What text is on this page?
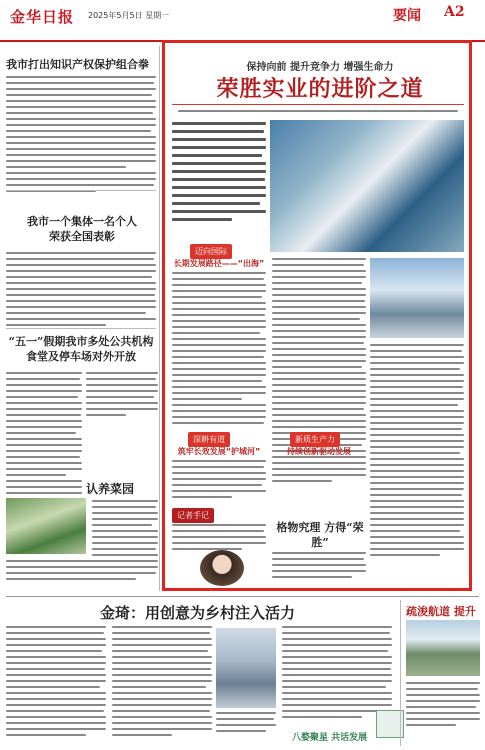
金华日报 2025年5月5日 星期一	要闻 A2
我市打出知识产权保护组合拳
我市一个集体一名个人荣获全国表彰
“五一”假期我市多处公共机构食堂及停车场对外开放
认养菜园
保持向前 提升竞争力 增强生命力
荣胜实业的进阶之道
迈向国际
长期发展路径——“出海”
深耕有道
筑牢长效发展“护城河”
记者手记
新质生产力
持续创新驱动发展
格物究理 方得“荣胜”
金琦：用创意为乡村注入活力
八婺聚星 共话发展
疏浚航道 提升
